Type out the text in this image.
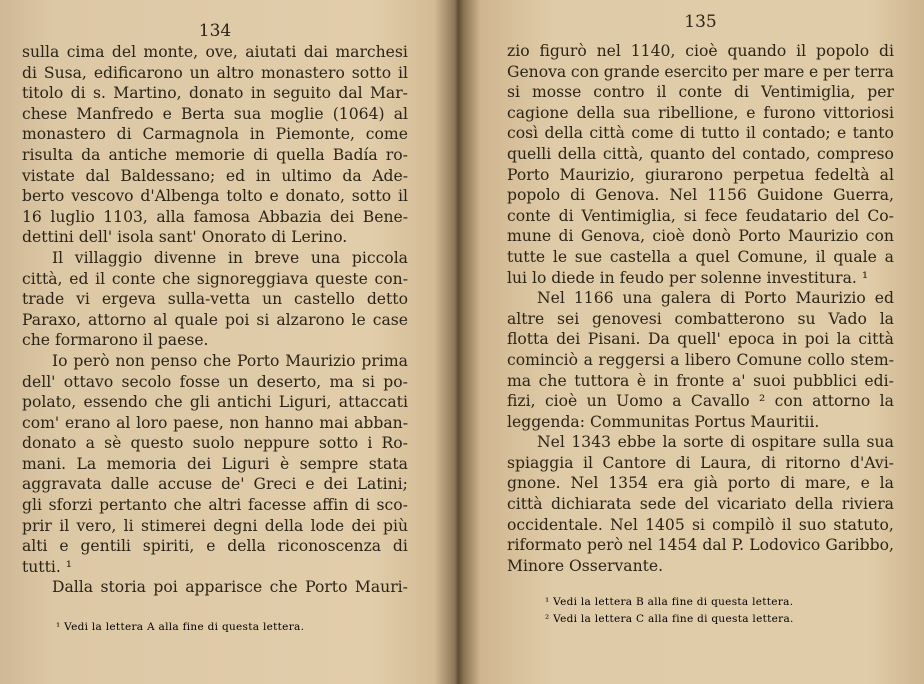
134
sulla cima del monte, ove, aiutati dai marchesi
di Susa, edificarono un altro monastero sotto il
titolo di s. Martino, donato in seguito dal Mar-
chese Manfredo e Berta sua moglie (1064) al
monastero di Carmagnola in Piemonte, come
risulta da antiche memorie di quella Badía ro-
vistate dal Baldessano; ed in ultimo da Ade-
berto vescovo d'Albenga tolto e donato, sotto il
16 luglio 1103, alla famosa Abbazia dei Bene-
dettini dell' isola sant' Onorato di Lerino.
Il villaggio divenne in breve una piccola
città, ed il conte che signoreggiava queste con-
trade vi ergeva sulla-vetta un castello detto
Paraxo, attorno al quale poi si alzarono le case
che formarono il paese.
Io però non penso che Porto Maurizio prima
dell' ottavo secolo fosse un deserto, ma si po-
polato, essendo che gli antichi Liguri, attaccati
com' erano al loro paese, non hanno mai abban-
donato a sè questo suolo neppure sotto i Ro-
mani. La memoria dei Liguri è sempre stata
aggravata dalle accuse de' Greci e dei Latini;
gli sforzi pertanto che altri facesse affin di sco-
prir il vero, li stimerei degni della lode dei più
alti e gentili spiriti, e della riconoscenza di
tutti. ¹
Dalla storia poi apparisce che Porto Mauri-
¹ Vedi la lettera A alla fine di questa lettera.
135
zio figurò nel 1140, cioè quando il popolo di
Genova con grande esercito per mare e per terra
si mosse contro il conte di Ventimiglia, per
cagione della sua ribellione, e furono vittoriosi
così della città come di tutto il contado; e tanto
quelli della città, quanto del contado, compreso
Porto Maurizio, giurarono perpetua fedeltà al
popolo di Genova. Nel 1156 Guidone Guerra,
conte di Ventimiglia, si fece feudatario del Co-
mune di Genova, cioè donò Porto Maurizio con
tutte le sue castella a quel Comune, il quale a
lui lo diede in feudo per solenne investitura. ¹
Nel 1166 una galera di Porto Maurizio ed
altre sei genovesi combatterono su Vado la
flotta dei Pisani. Da quell' epoca in poi la città
cominciò a reggersi a libero Comune collo stem-
ma che tuttora è in fronte a' suoi pubblici edi-
fizi, cioè un Uomo a Cavallo ² con attorno la
leggenda: Communitas Portus Mauritii.
Nel 1343 ebbe la sorte di ospitare sulla sua
spiaggia il Cantore di Laura, di ritorno d'Avi-
gnone. Nel 1354 era già porto di mare, e la
città dichiarata sede del vicariato della riviera
occidentale. Nel 1405 si compilò il suo statuto,
riformato però nel 1454 dal P. Lodovico Garibbo,
Minore Osservante.
¹ Vedi la lettera B alla fine di questa lettera.
² Vedi la lettera C alla fine di questa lettera.
